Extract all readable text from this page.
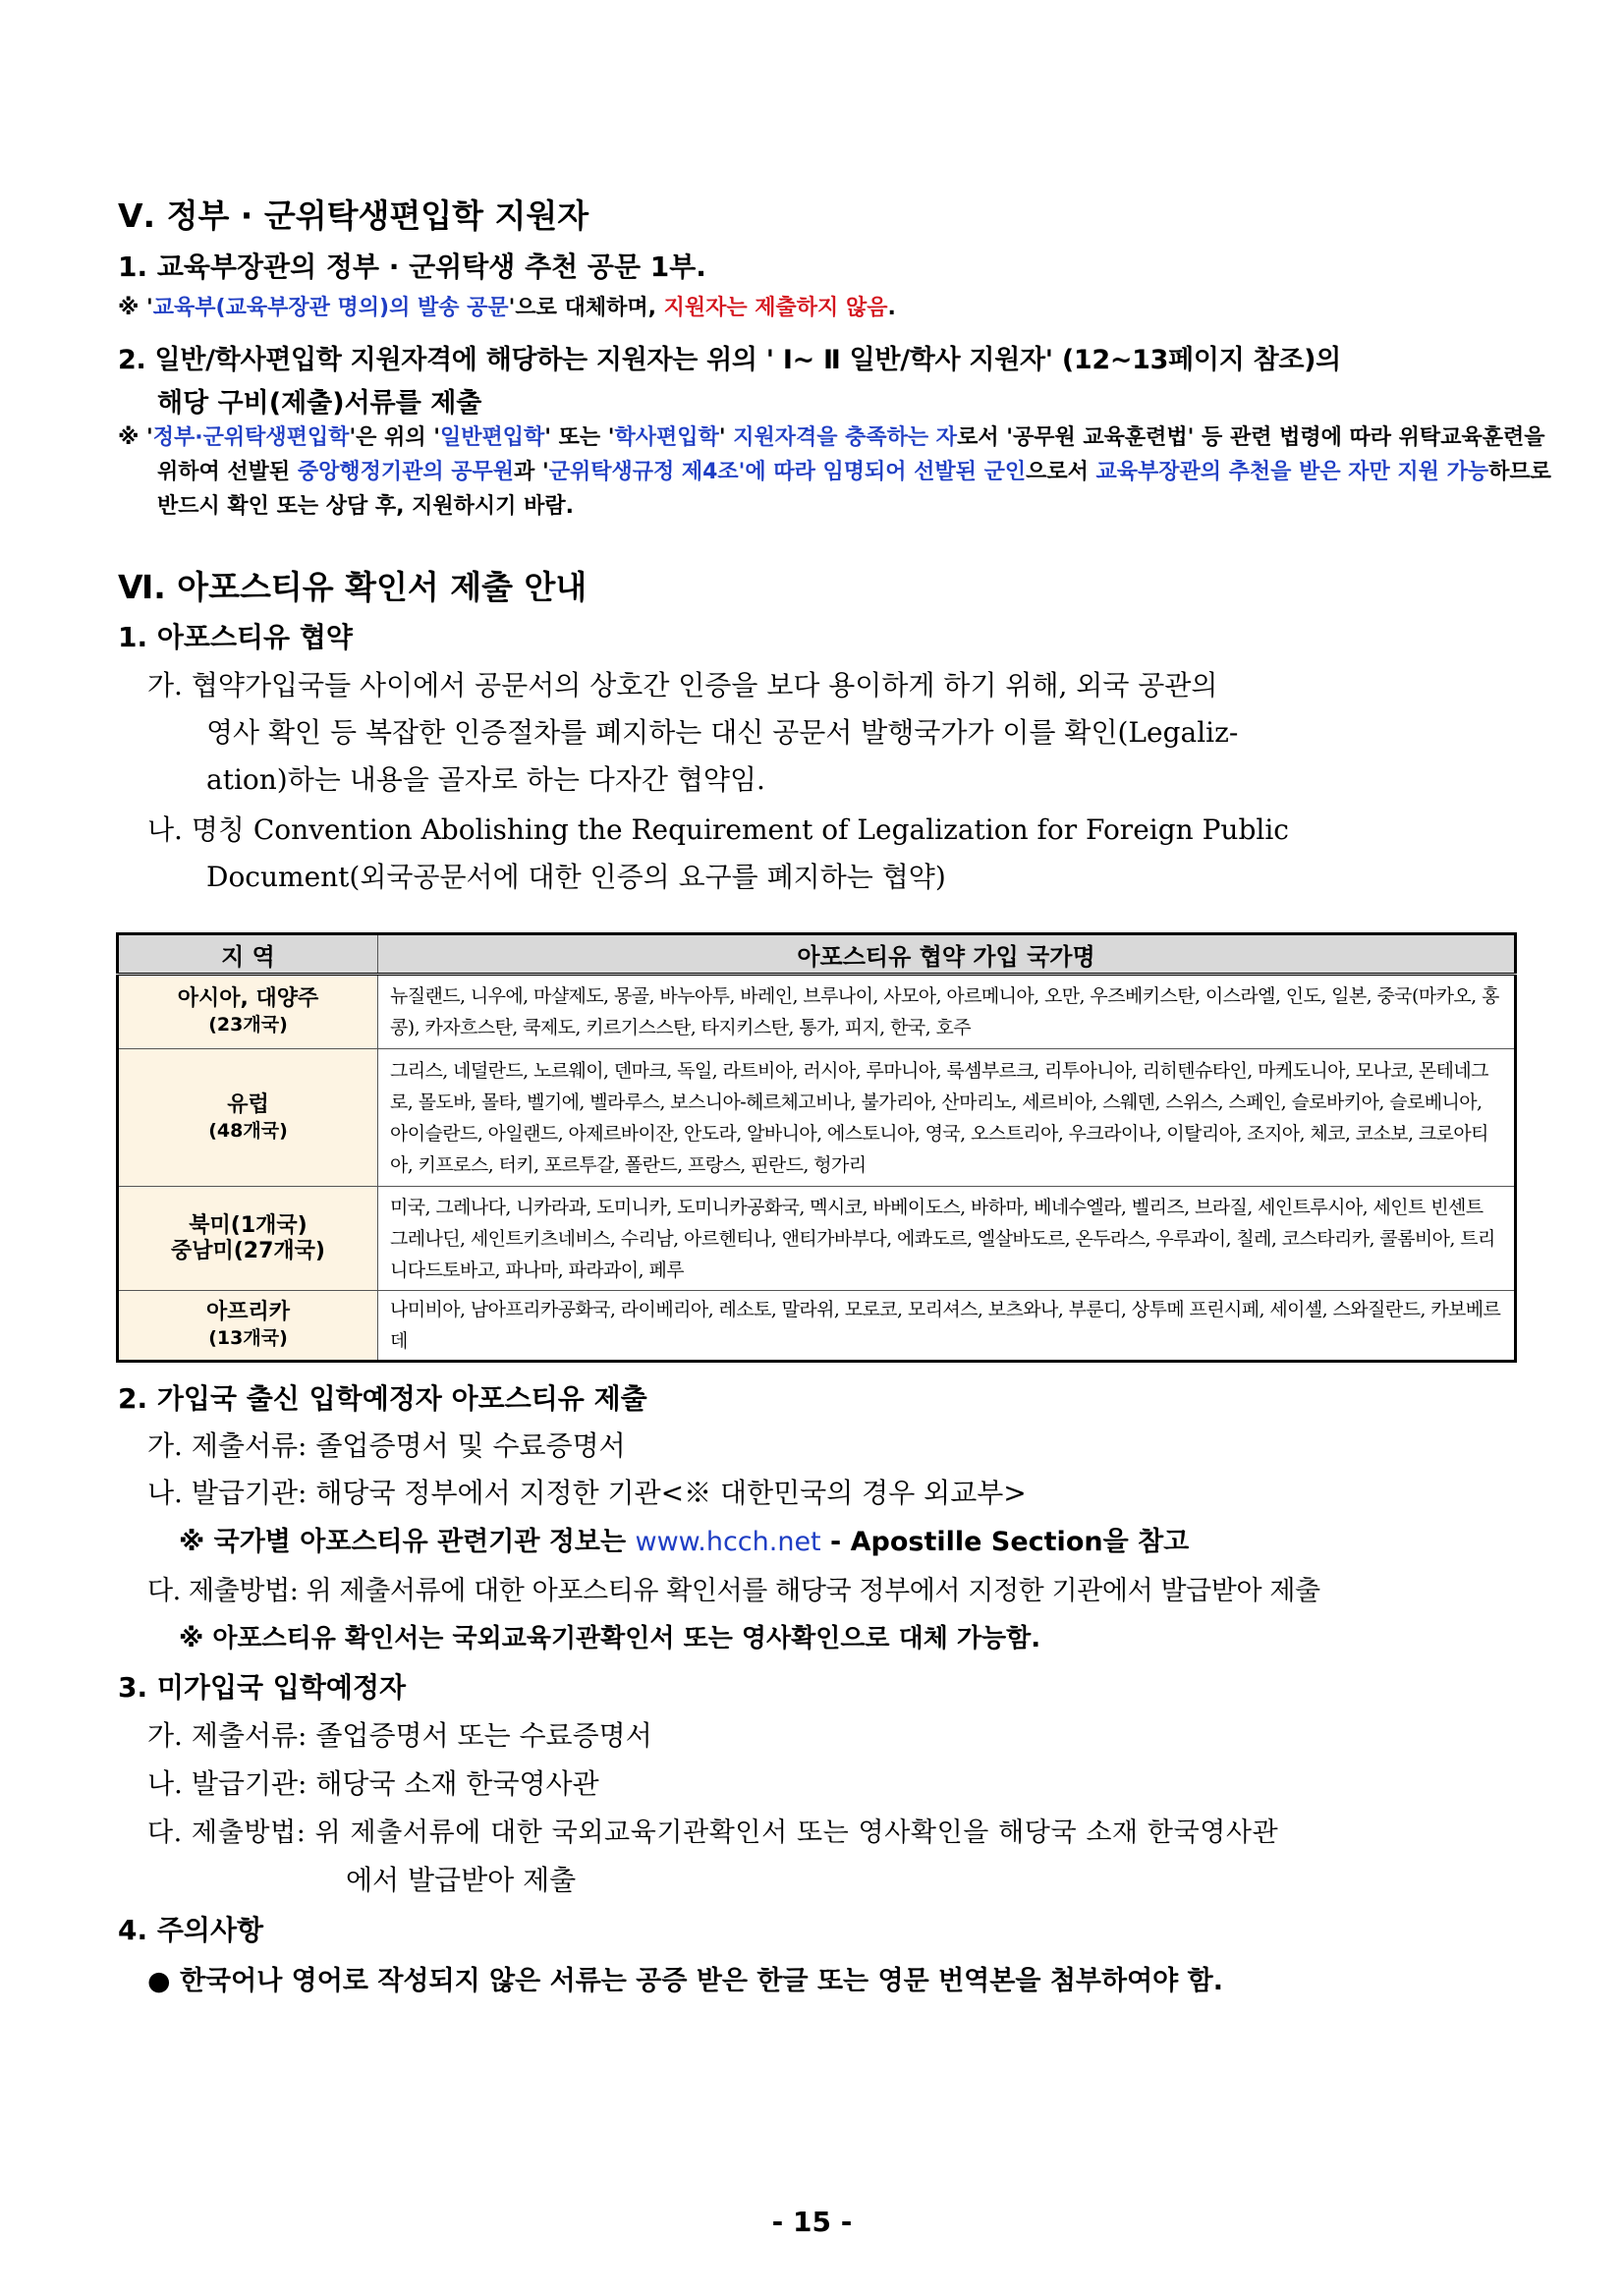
Ⅴ. 정부 · 군위탁생편입학 지원자
1. 교육부장관의 정부 · 군위탁생 추천 공문 1부.
※ '교육부(교육부장관 명의)의 발송 공문'으로 대체하며, 지원자는 제출하지 않음.
2. 일반/학사편입학 지원자격에 해당하는 지원자는 위의 ' Ⅰ~ Ⅱ 일반/학사 지원자' (12~13페이지 참조)의
해당 구비(제출)서류를 제출
※ '정부·군위탁생편입학'은 위의 '일반편입학' 또는 '학사편입학' 지원자격을 충족하는 자로서 '공무원 교육훈련법' 등 관련 법령에 따라 위탁교육훈련을 위하여 선발된 중앙행정기관의 공무원과 '군위탁생규정 제4조'에 따라 임명되어 선발된 군인으로서 교육부장관의 추천을 받은 자만 지원 가능하므로 반드시 확인 또는 상담 후, 지원하시기 바람.
Ⅵ. 아포스티유 확인서 제출 안내
1. 아포스티유 협약
가. 협약가입국들 사이에서 공문서의 상호간 인증을 보다 용이하게 하기 위해, 외국 공관의
영사 확인 등 복잡한 인증절차를 폐지하는 대신 공문서 발행국가가 이를 확인(Legaliz-
ation)하는 내용을 골자로 하는 다자간 협약임.
나. 명칭 Convention Abolishing the Requirement of Legalization for Foreign Public
Document(외국공문서에 대한 인증의 요구를 폐지하는 협약)
지 역	아포스티유 협약 가입 국가명

아시아, 대양주
(23개국)	뉴질랜드, 니우에, 마샬제도, 몽골, 바누아투, 바레인, 브루나이, 사모아, 아르메니아, 오만, 우즈베키스탄, 이스라엘, 인도, 일본, 중국(마카오, 홍콩), 카자흐스탄, 쿡제도, 키르기스스탄, 타지키스탄, 통가, 피지, 한국, 호주

유럽
(48개국)	그리스, 네덜란드, 노르웨이, 덴마크, 독일, 라트비아, 러시아, 루마니아, 룩셈부르크, 리투아니아, 리히텐슈타인, 마케도니아, 모나코, 몬테네그로, 몰도바, 몰타, 벨기에, 벨라루스, 보스니아-헤르체고비나, 불가리아, 산마리노, 세르비아, 스웨덴, 스위스, 스페인, 슬로바키아, 슬로베니아, 아이슬란드, 아일랜드, 아제르바이잔, 안도라, 알바니아, 에스토니아, 영국, 오스트리아, 우크라이나, 이탈리아, 조지아, 체코, 코소보, 크로아티아, 키프로스, 터키, 포르투갈, 폴란드, 프랑스, 핀란드, 헝가리

북미(1개국)
중남미(27개국)	미국, 그레나다, 니카라과, 도미니카, 도미니카공화국, 멕시코, 바베이도스, 바하마, 베네수엘라, 벨리즈, 브라질, 세인트루시아, 세인트 빈센트 그레나딘, 세인트키츠네비스, 수리남, 아르헨티나, 앤티가바부다, 에콰도르, 엘살바도르, 온두라스, 우루과이, 칠레, 코스타리카, 콜롬비아, 트리니다드토바고, 파나마, 파라과이, 페루

아프리카
(13개국)	나미비아, 남아프리카공화국, 라이베리아, 레소토, 말라위, 모로코, 모리셔스, 보츠와나, 부룬디, 상투메 프린시페, 세이셸, 스와질란드, 카보베르데
2. 가입국 출신 입학예정자 아포스티유 제출
가. 제출서류: 졸업증명서 및 수료증명서
나. 발급기관: 해당국 정부에서 지정한 기관<※ 대한민국의 경우 외교부>
※ 국가별 아포스티유 관련기관 정보는 www.hcch.net - Apostille Section을 참고
다. 제출방법: 위 제출서류에 대한 아포스티유 확인서를 해당국 정부에서 지정한 기관에서 발급받아 제출
※ 아포스티유 확인서는 국외교육기관확인서 또는 영사확인으로 대체 가능함.
3. 미가입국 입학예정자
가. 제출서류: 졸업증명서 또는 수료증명서
나. 발급기관: 해당국 소재 한국영사관
다. 제출방법: 위 제출서류에 대한 국외교육기관확인서 또는 영사확인을 해당국 소재 한국영사관
에서 발급받아 제출
4. 주의사항
● 한국어나 영어로 작성되지 않은 서류는 공증 받은 한글 또는 영문 번역본을 첨부하여야 함.
- 15 -
